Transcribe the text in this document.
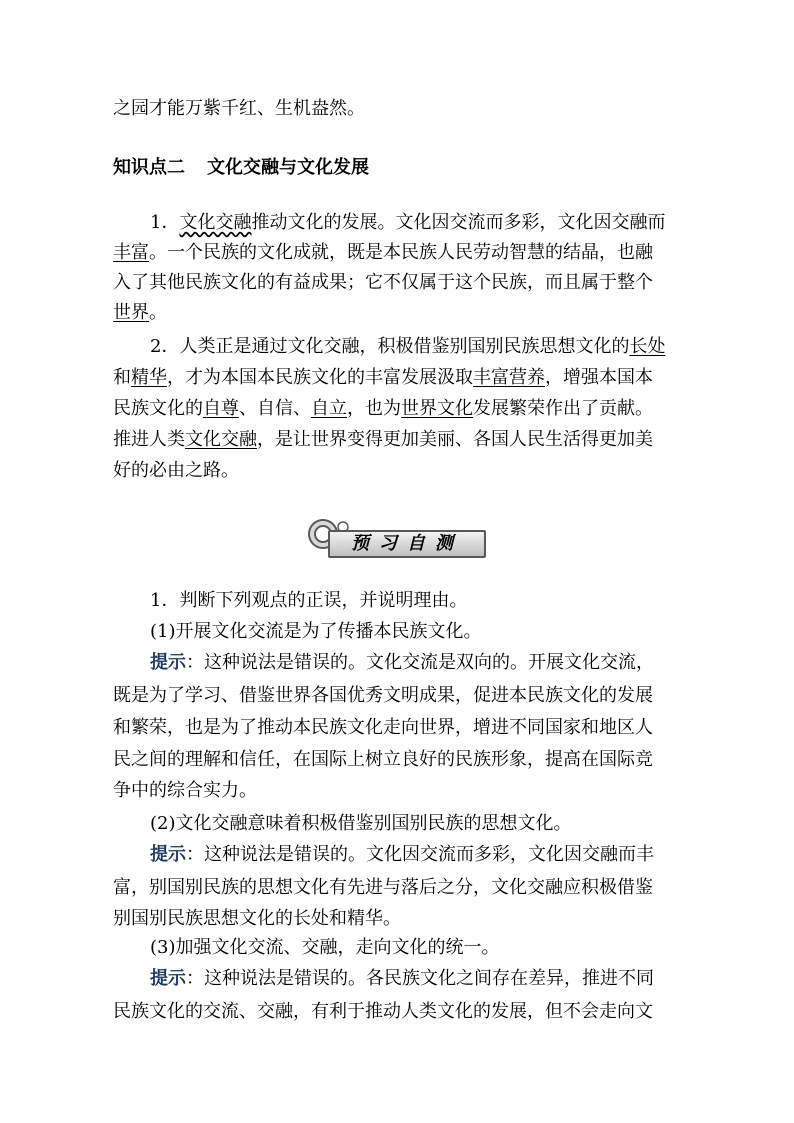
之园才能万紫千红、生机盎然。
知识点二 文化交融与文化发展
1．文化交融推动文化的发展。文化因交流而多彩，文化因交融而
丰富。一个民族的文化成就，既是本民族人民劳动智慧的结晶，也融
入了其他民族文化的有益成果；它不仅属于这个民族，而且属于整个
世界。
2．人类正是通过文化交融，积极借鉴别国别民族思想文化的长处
和精华，才为本国本民族文化的丰富发展汲取丰富营养，增强本国本
民族文化的自尊、自信、自立，也为世界文化发展繁荣作出了贡献。
推进人类文化交融，是让世界变得更加美丽、各国人民生活得更加美
好的必由之路。
预习自测
1．判断下列观点的正误，并说明理由。
(1)开展文化交流是为了传播本民族文化。
提示：这种说法是错误的。文化交流是双向的。开展文化交流，
既是为了学习、借鉴世界各国优秀文明成果，促进本民族文化的发展
和繁荣，也是为了推动本民族文化走向世界，增进不同国家和地区人
民之间的理解和信任，在国际上树立良好的民族形象，提高在国际竞
争中的综合实力。
(2)文化交融意味着积极借鉴别国别民族的思想文化。
提示：这种说法是错误的。文化因交流而多彩，文化因交融而丰
富，别国别民族的思想文化有先进与落后之分，文化交融应积极借鉴
别国别民族思想文化的长处和精华。
(3)加强文化交流、交融，走向文化的统一。
提示：这种说法是错误的。各民族文化之间存在差异，推进不同
民族文化的交流、交融，有利于推动人类文化的发展，但不会走向文
